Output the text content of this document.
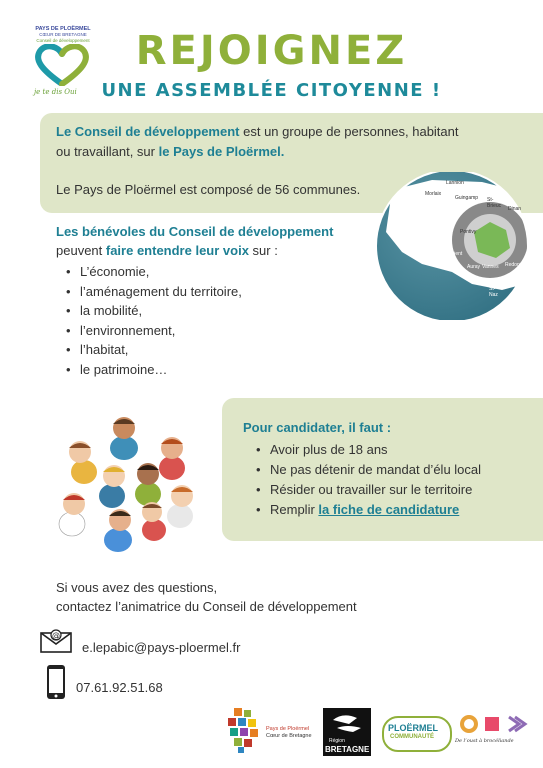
PAYS DE PLOËRMEL
CŒUR DE BRETAGNE
Conseil de développement
je te dis Oui
REJOIGNEZ
UNE ASSEMBLÉE CITOYENNE !
Le Conseil de développement est un groupe de personnes, habitant
ou travaillant, sur le Pays de Ploërmel.
Le Pays de Ploërmel est composé de 56 communes.	Lannion
Morlaix
Guingamp St-Brieuc Dinan
Pontivy
Quimper
Lorient
Auray Vannes Redon
St-Naz
Les bénévoles du Conseil de développement
peuvent faire entendre leur voix sur :
• L’économie,
• l’aménagement du territoire,
• la mobilité,
• l’environnement,
• l’habitat,
• le patrimoine…
Pour candidater, il faut :
• Avoir plus de 18 ans
• Ne pas détenir de mandat d’élu local
• Résider ou travailler sur le territoire
• Remplir la fiche de candidature
Si vous avez des questions,
contactez l’animatrice du Conseil de développement
@
e.lepabic@pays-ploermel.fr
07.61.92.51.68
Pays de Ploërmel
Cœur de Bretagne
Région
BRETAGNE
PLOËRMEL
COMMUNAUTÉ
De l’oust à brocéliande
